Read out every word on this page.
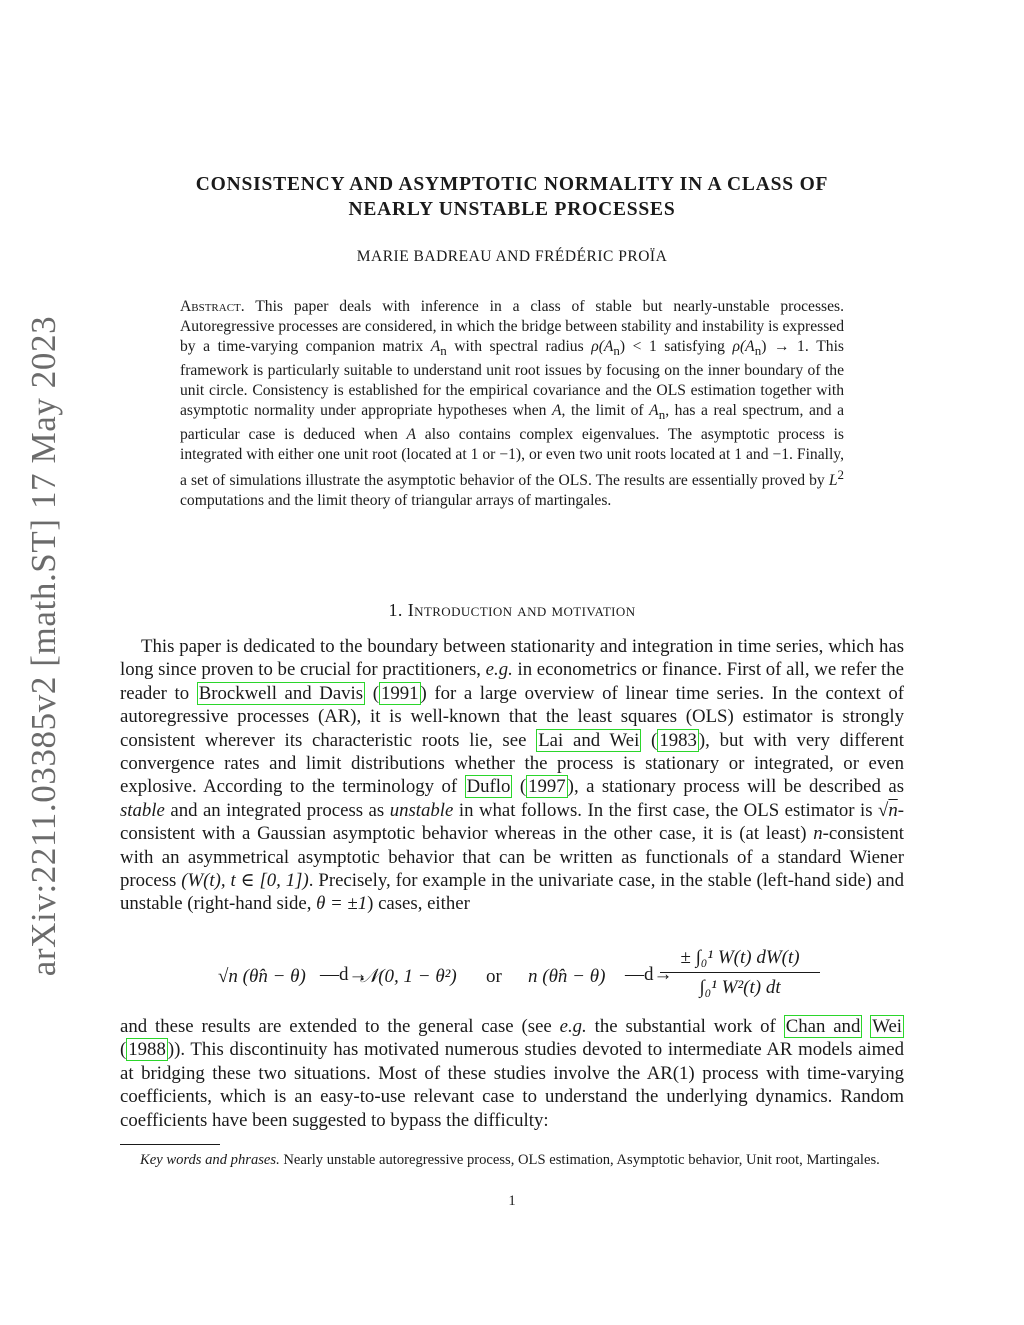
arXiv:2211.03385v2 [math.ST] 17 May 2023
CONSISTENCY AND ASYMPTOTIC NORMALITY IN A CLASS OF
NEARLY UNSTABLE PROCESSES
MARIE BADREAU AND FRÉDÉRIC PROÏA
Abstract. This paper deals with inference in a class of stable but nearly-unstable processes. Autoregressive processes are considered, in which the bridge between stability and instability is expressed by a time-varying companion matrix $A_n$ with spectral radius $\rho(A_n) < 1$ satisfying $\rho(A_n) \to 1$. This framework is particularly suitable to understand unit root issues by focusing on the inner boundary of the unit circle. Consistency is established for the empirical covariance and the OLS estimation together with asymptotic normality under appropriate hypotheses when A, the limit of $A_n$, has a real spectrum, and a particular case is deduced when A also contains complex eigenvalues. The asymptotic process is integrated with either one unit root (located at 1 or −1), or even two unit roots located at 1 and −1. Finally, a set of simulations illustrate the asymptotic behavior of the OLS. The results are essentially proved by $L^2$ computations and the limit theory of triangular arrays of martingales.
1. Introduction and motivation

This paper is dedicated to the boundary between stationarity and integration in time series, which has long since proven to be crucial for practitioners, e.g. in econometrics or finance. First of all, we refer the reader to Brockwell and Davis ( 1991 ) for a large overview of linear time series. In the context of autoregressive processes (AR), it is well-known that the least squares (OLS) estimator is strongly consistent wherever its characteristic roots lie, see Lai and Wei ( 1983 ), but with very different convergence rates and limit distributions whether the process is stationary or integrated, or even explosive. According to the terminology of Duflo ( 1997 ), a stationary process will be described as stable and an integrated process as unstable in what follows. In the first case, the OLS estimator is √n-consistent with a Gaussian asymptotic behavior whereas in the other case, it is (at least) n-consistent with an asymmetrical asymptotic behavior that can be written as functionals of a standard Wiener process (W(t), t ∈ [0, 1]). Precisely, for example in the univariate case, in the stable (left-hand side) and unstable (right-hand side, θ = ±1) cases, either

√n (θ̂n − θ) —d→
𝒩(0, 1 − θ²) or n (θ̂n − θ) —d→
$\frac{\text{± ∫₀¹ W(t) dW(t)}}{\text{∫₀¹ W²(t) dt}}$

and these results are extended to the general case (see e.g. the substantial work of Chan and Wei ( 1988 )). This discontinuity has motivated numerous studies devoted to intermediate AR models aimed at bridging these two situations. Most of these studies involve the AR(1) process with time-varying coefficients, which is an easy-to-use relevant case to understand the underlying dynamics. Random coefficients have been suggested to bypass the difficulty:

Key words and phrases. Nearly unstable autoregressive process, OLS estimation, Asymptotic behavior, Unit root, Martingales.
1
